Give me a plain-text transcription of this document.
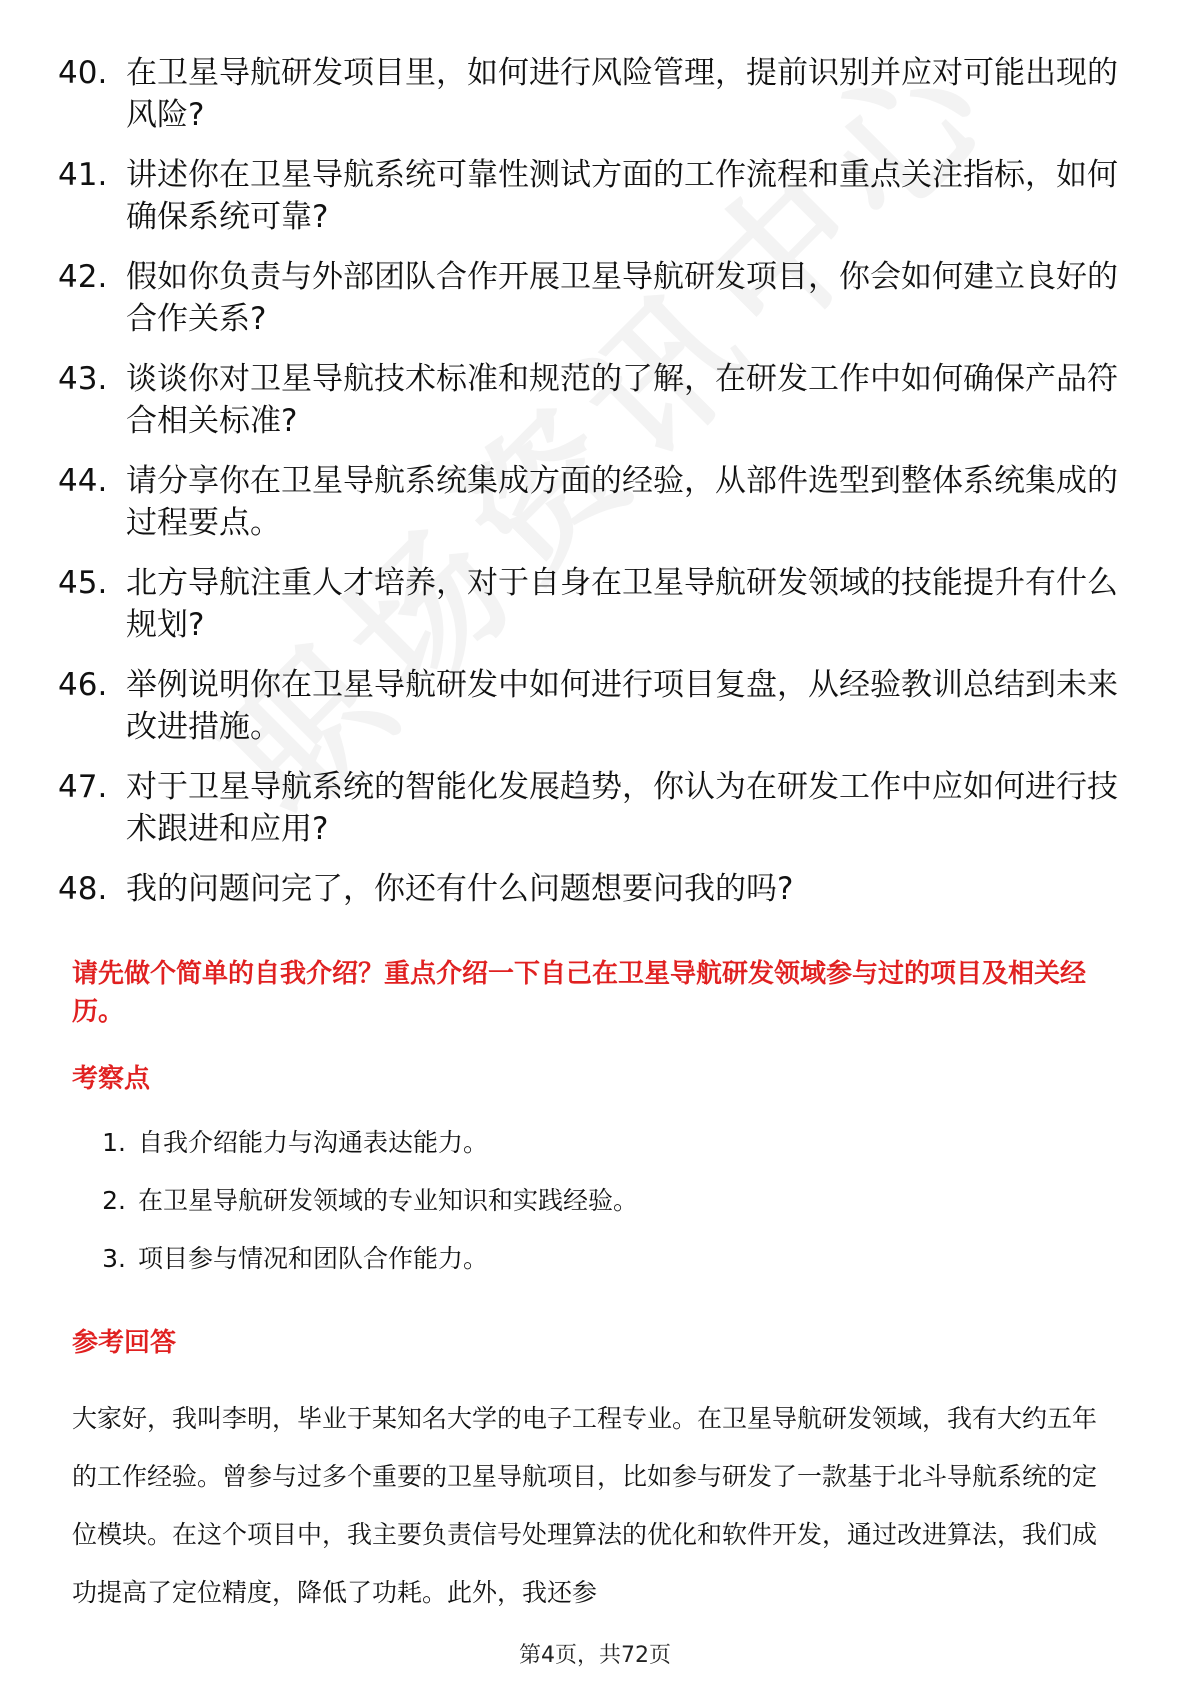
40. 在卫星导航研发项目里，如何进行风险管理，提前识别并应对可能出现的风险?
41. 讲述你在卫星导航系统可靠性测试方面的工作流程和重点关注指标，如何确保系统可靠?
42. 假如你负责与外部团队合作开展卫星导航研发项目，你会如何建立良好的合作关系?
43. 谈谈你对卫星导航技术标准和规范的了解，在研发工作中如何确保产品符合相关标准?
44. 请分享你在卫星导航系统集成方面的经验，从部件选型到整体系统集成的过程要点。
45. 北方导航注重人才培养，对于自身在卫星导航研发领域的技能提升有什么规划?
46. 举例说明你在卫星导航研发中如何进行项目复盘，从经验教训总结到未来改进措施。
47. 对于卫星导航系统的智能化发展趋势，你认为在研发工作中应如何进行技术跟进和应用?
48. 我的问题问完了，你还有什么问题想要问我的吗?
请先做个简单的自我介绍？重点介绍一下自己在卫星导航研发领域参与过的项目及相关经历。
考察点
1. 自我介绍能力与沟通表达能力。
2. 在卫星导航研发领域的专业知识和实践经验。
3. 项目参与情况和团队合作能力。
参考回答

大家好，我叫李明，毕业于某知名大学的电子工程专业。在卫星导航研发领域，我有大约五年的工作经验。曾参与过多个重要的卫星导航项目，比如参与研发了一款基于北斗导航系统的定位模块。在这个项目中，我主要负责信号处理算法的优化和软件开发，通过改进算法，我们成功提高了定位精度，降低了功耗。此外，我还参

第4页，共72页
